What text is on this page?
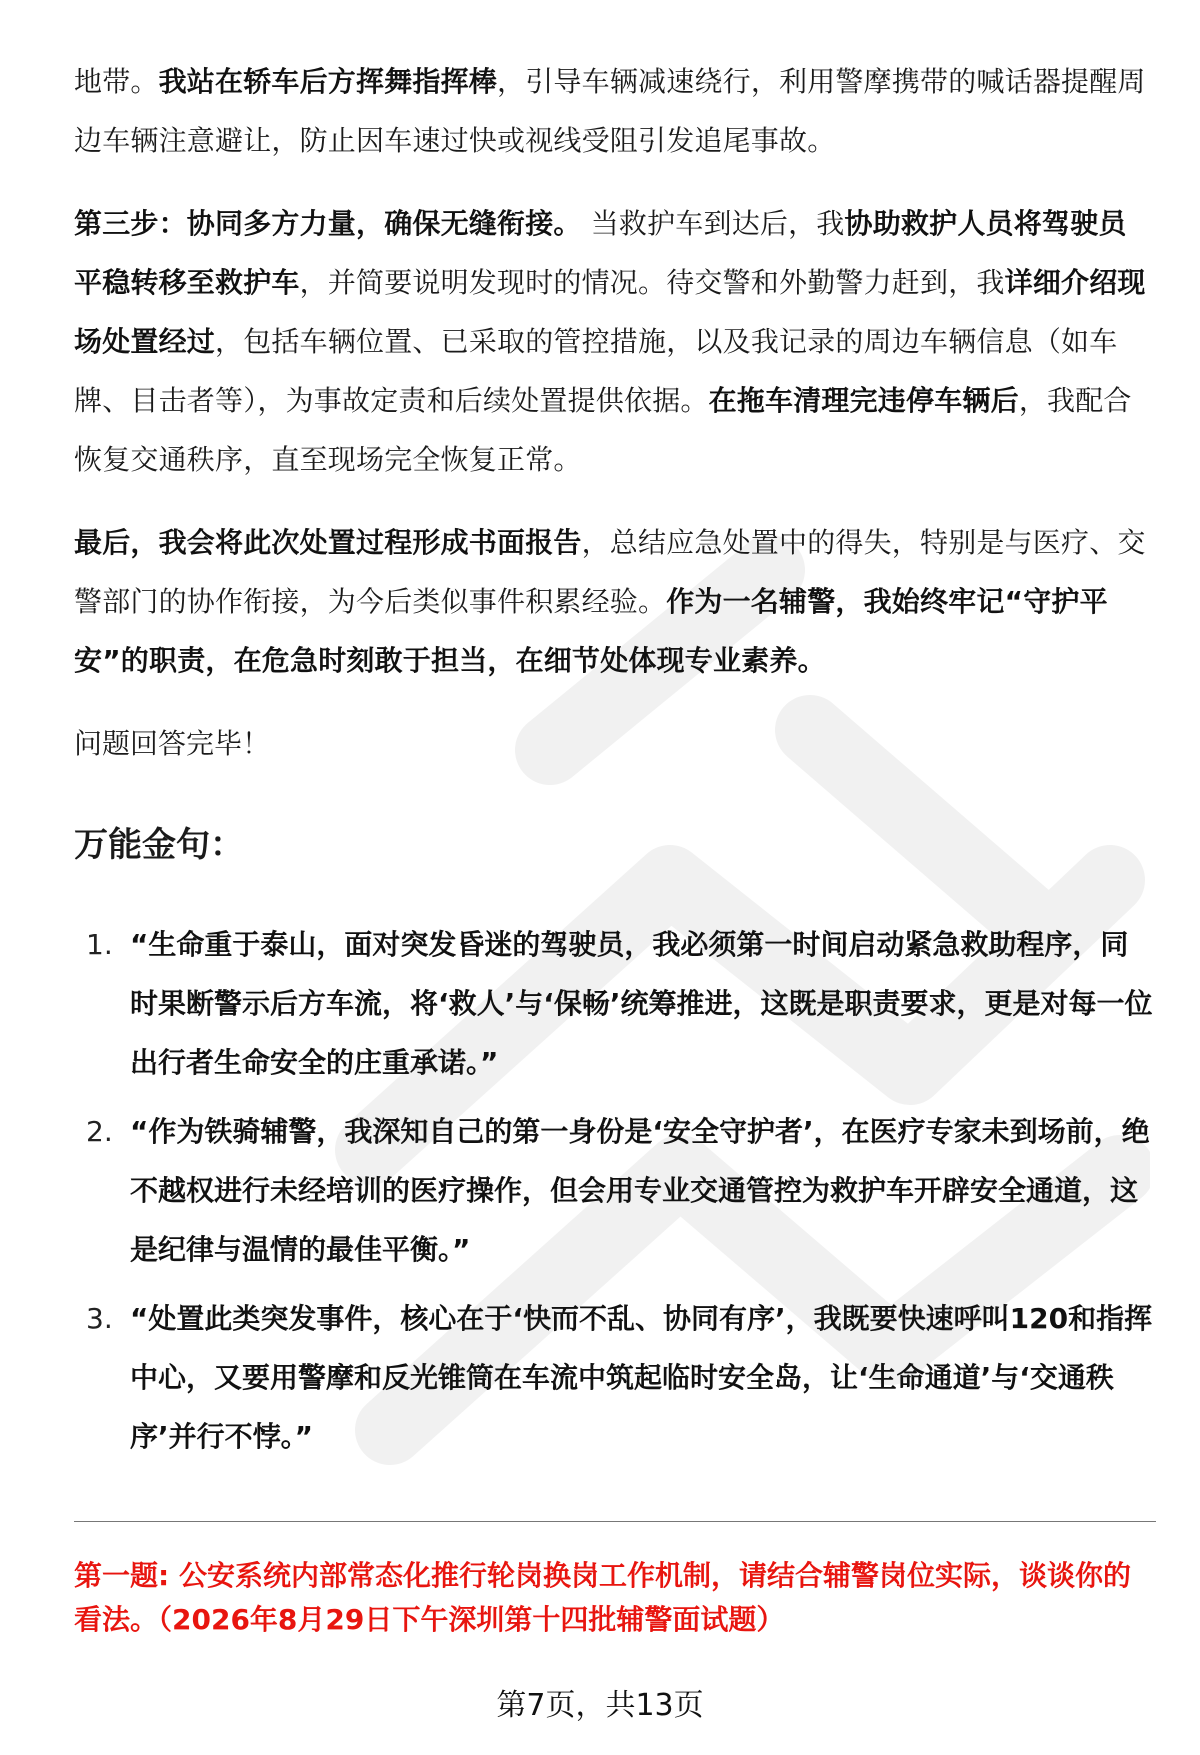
地带。我站在轿车后方挥舞指挥棒，引导车辆减速绕行，利用警摩携带的喊话器提醒周边车辆注意避让，防止因车速过快或视线受阻引发追尾事故。

第三步：协同多方力量，确保无缝衔接。 当救护车到达后，我协助救护人员将驾驶员平稳转移至救护车，并简要说明发现时的情况。待交警和外勤警力赶到，我详细介绍现场处置经过，包括车辆位置、已采取的管控措施，以及我记录的周边车辆信息（如车牌、目击者等），为事故定责和后续处置提供依据。在拖车清理完违停车辆后，我配合恢复交通秩序，直至现场完全恢复正常。

最后，我会将此次处置过程形成书面报告，总结应急处置中的得失，特别是与医疗、交警部门的协作衔接，为今后类似事件积累经验。作为一名辅警，我始终牢记“守护平安”的职责，在危急时刻敢于担当，在细节处体现专业素养。

问题回答完毕！

万能金句：
1. “生命重于泰山，面对突发昏迷的驾驶员，我必须第一时间启动紧急救助程序，同时果断警示后方车流，将‘救人’与‘保畅’统筹推进，这既是职责要求，更是对每一位出行者生命安全的庄重承诺。”
2. “作为铁骑辅警，我深知自己的第一身份是‘安全守护者’，在医疗专家未到场前，绝不越权进行未经培训的医疗操作，但会用专业交通管控为救护车开辟安全通道，这是纪律与温情的最佳平衡。”
3. “处置此类突发事件，核心在于‘快而不乱、协同有序’，我既要快速呼叫120和指挥中心，又要用警摩和反光锥筒在车流中筑起临时安全岛，让‘生命通道’与‘交通秩序’并行不悖。”
第一题: 公安系统内部常态化推行轮岗换岗工作机制，请结合辅警岗位实际，谈谈你的看法。（2026年8月29日下午深圳第十四批辅警面试题）
第7页，共13页
